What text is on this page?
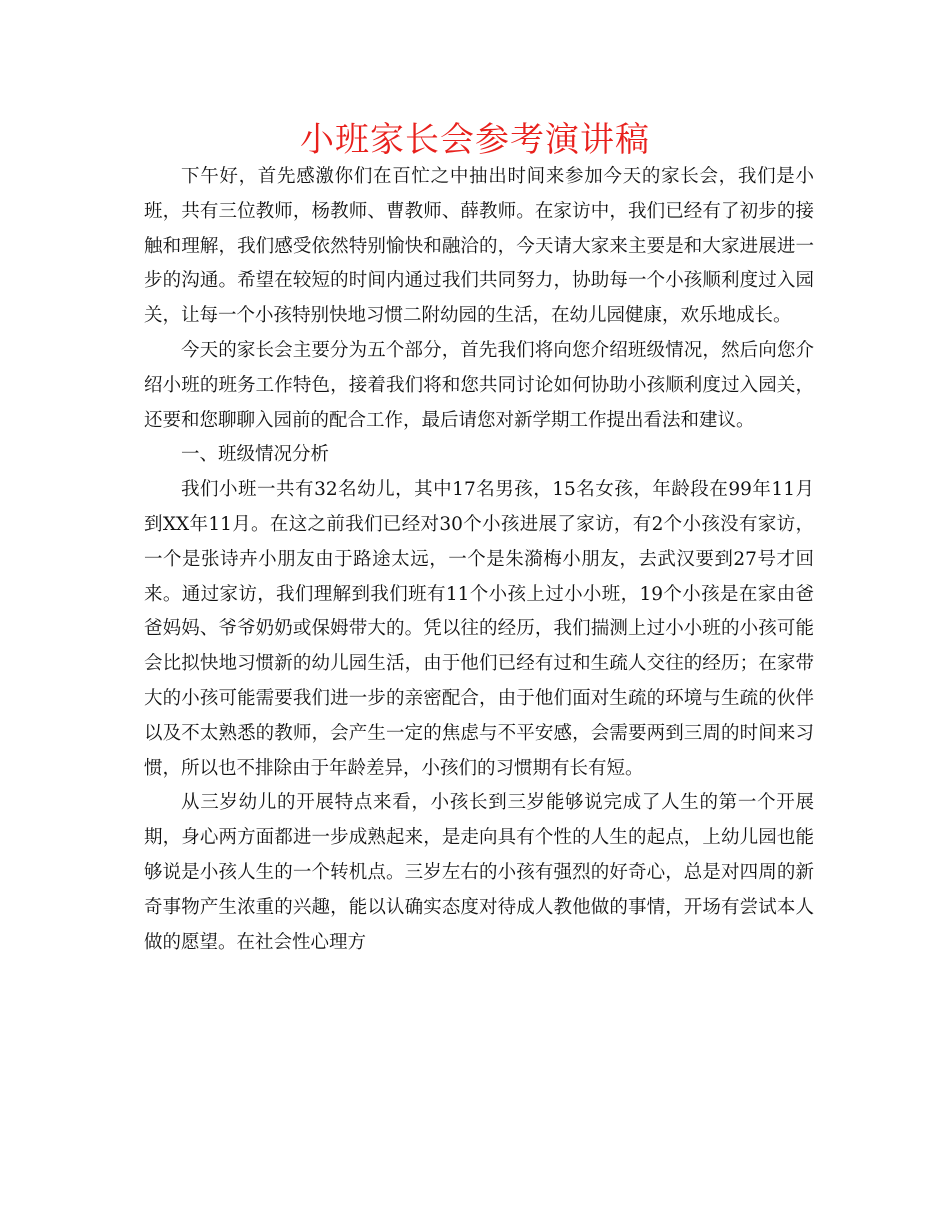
小班家长会参考演讲稿

下午好，首先感激你们在百忙之中抽出时间来参加今天的家长会，我们是小班，共有三位教师，杨教师、曹教师、薛教师。在家访中，我们已经有了初步的接触和理解，我们感受依然特别愉快和融洽的，今天请大家来主要是和大家进展进一步的沟通。希望在较短的时间内通过我们共同努力，协助每一个小孩顺利度过入园关，让每一个小孩特别快地习惯二附幼园的生活，在幼儿园健康，欢乐地成长。

今天的家长会主要分为五个部分，首先我们将向您介绍班级情况，然后向您介绍小班的班务工作特色，接着我们将和您共同讨论如何协助小孩顺利度过入园关，还要和您聊聊入园前的配合工作，最后请您对新学期工作提出看法和建议。

一、班级情况分析

我们小班一共有32名幼儿，其中17名男孩，15名女孩，年龄段在99年11月到XX年11月。在这之前我们已经对30个小孩进展了家访，有2个小孩没有家访，一个是张诗卉小朋友由于路途太远，一个是朱漪梅小朋友，去武汉要到27号才回来。通过家访，我们理解到我们班有11个小孩上过小小班，19个小孩是在家由爸爸妈妈、爷爷奶奶或保姆带大的。凭以往的经历，我们揣测上过小小班的小孩可能会比拟快地习惯新的幼儿园生活，由于他们已经有过和生疏人交往的经历；在家带大的小孩可能需要我们进一步的亲密配合，由于他们面对生疏的环境与生疏的伙伴以及不太熟悉的教师，会产生一定的焦虑与不平安感，会需要两到三周的时间来习惯，所以也不排除由于年龄差异，小孩们的习惯期有长有短。

从三岁幼儿的开展特点来看，小孩长到三岁能够说完成了人生的第一个开展期，身心两方面都进一步成熟起来，是走向具有个性的人生的起点，上幼儿园也能够说是小孩人生的一个转机点。三岁左右的小孩有强烈的好奇心，总是对四周的新奇事物产生浓重的兴趣，能以认确实态度对待成人教他做的事情，开场有尝试本人做的愿望。在社会性心理方
